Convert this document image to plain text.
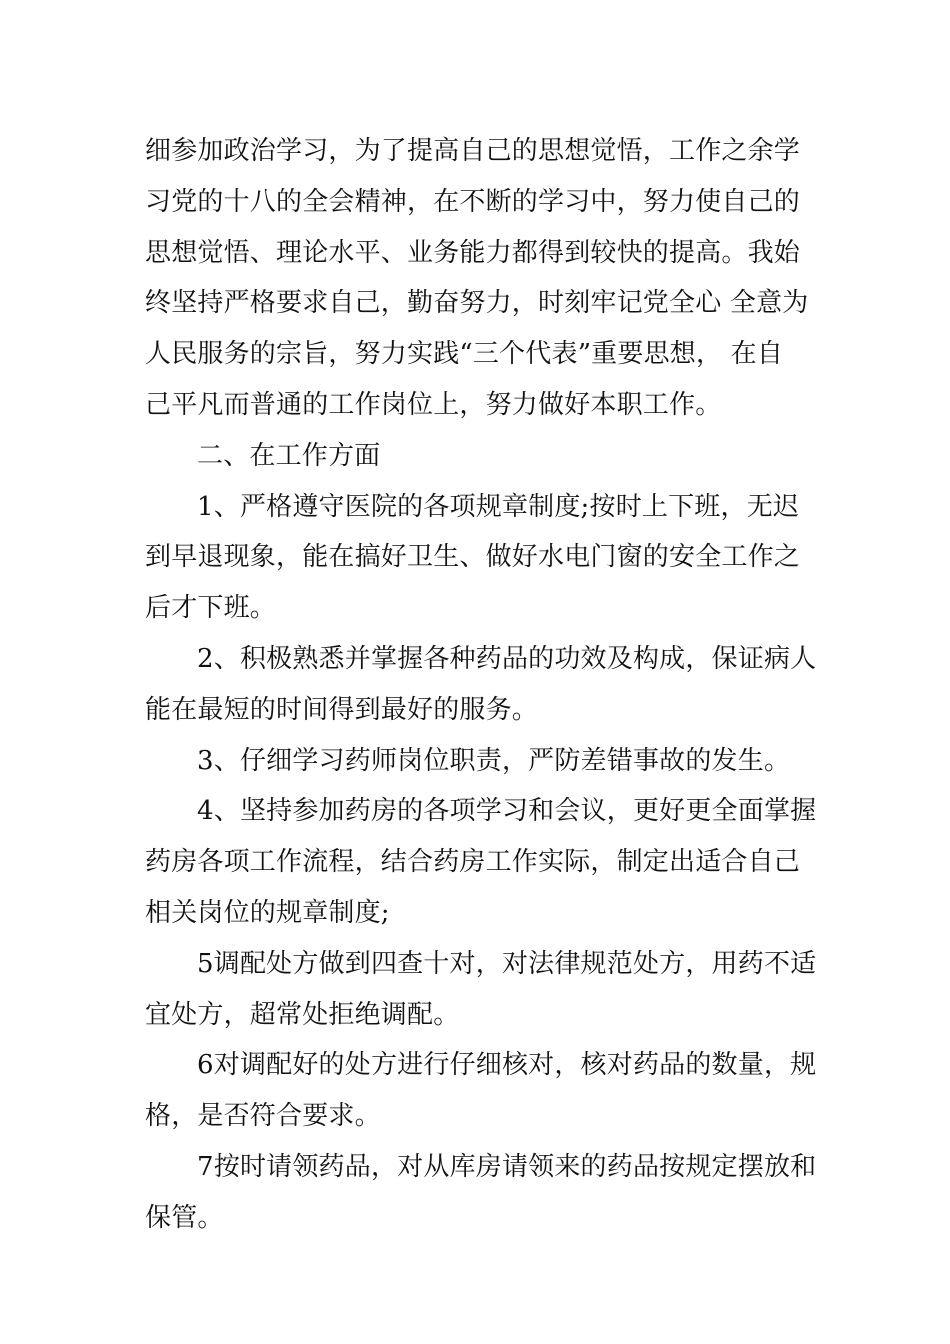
细参加政治学习，为了提高自己的思想觉悟，工作之余学
习党的十八的全会精神，在不断的学习中，努力使自己的
思想觉悟、理论水平、业务能力都得到较快的提高。我始
终坚持严格要求自己，勤奋努力，时刻牢记党全心 全意为
人民服务的宗旨，努力实践“三个代表”重要思想， 在自
己平凡而普通的工作岗位上，努力做好本职工作。
二、在工作方面
1、严格遵守医院的各项规章制度;按时上下班，无迟
到早退现象，能在搞好卫生、做好水电门窗的安全工作之
后才下班。
2、积极熟悉并掌握各种药品的功效及构成，保证病人
能在最短的时间得到最好的服务。
3、仔细学习药师岗位职责，严防差错事故的发生。
4、坚持参加药房的各项学习和会议，更好更全面掌握
药房各项工作流程，结合药房工作实际，制定出适合自己
相关岗位的规章制度;
5调配处方做到四查十对，对法律规范处方，用药不适
宜处方，超常处拒绝调配。
6对调配好的处方进行仔细核对，核对药品的数量，规
格，是否符合要求。
7按时请领药品，对从库房请领来的药品按规定摆放和
保管。
